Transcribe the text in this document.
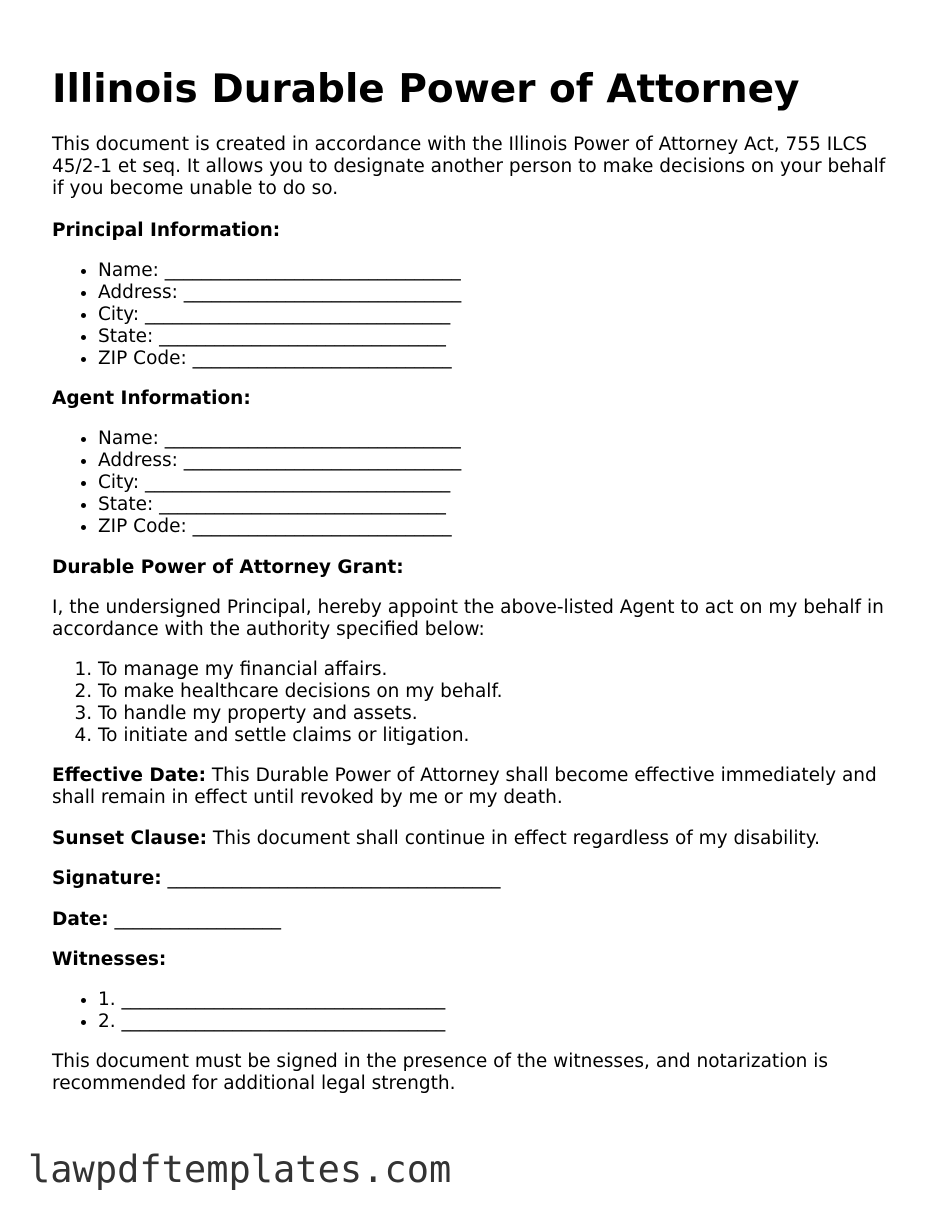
Illinois Durable Power of Attorney

This document is created in accordance with the Illinois Power of Attorney Act, 755 ILCS 45/2-1 et seq. It allows you to designate another person to make decisions on your behalf if you become unable to do so.

Principal Information:

• Name: ________________________________
• Address: ______________________________
• City: _________________________________
• State: _______________________________
• ZIP Code: ____________________________

Agent Information:

• Name: ________________________________
• Address: ______________________________
• City: _________________________________
• State: _______________________________
• ZIP Code: ____________________________

Durable Power of Attorney Grant:

I, the undersigned Principal, hereby appoint the above-listed Agent to act on my behalf in accordance with the authority specified below:

1. To manage my financial affairs.
2. To make healthcare decisions on my behalf.
3. To handle my property and assets.
4. To initiate and settle claims or litigation.

Effective Date: This Durable Power of Attorney shall become effective immediately and shall remain in effect until revoked by me or my death.

Sunset Clause: This document shall continue in effect regardless of my disability.

Signature: ____________________________________

Date: __________________

Witnesses:

• 1. ___________________________________
• 2. ___________________________________

This document must be signed in the presence of the witnesses, and notarization is recommended for additional legal strength.

lawpdftemplates.com
